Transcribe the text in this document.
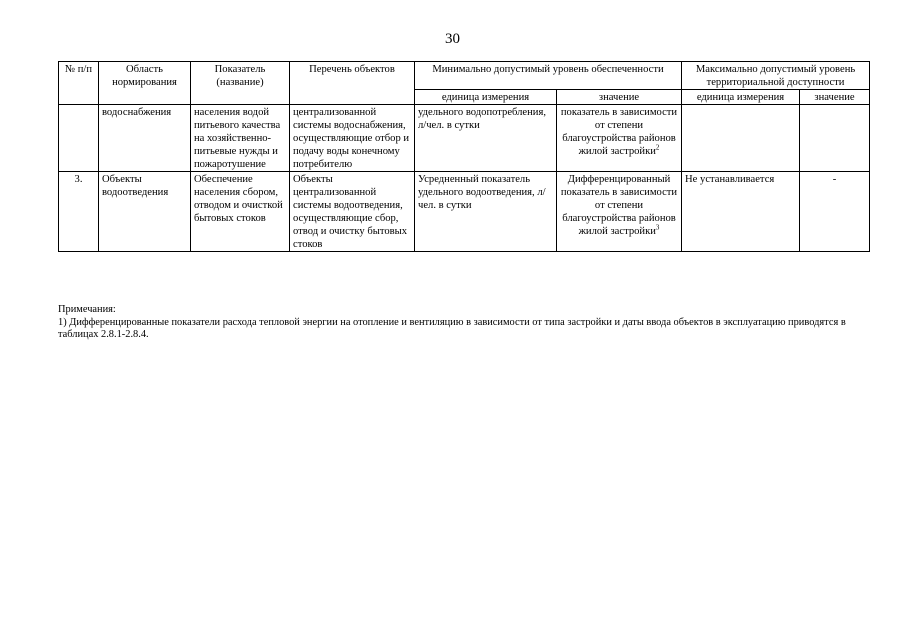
30
№ п/п	Область нормирования	Показатель (название)	Перечень объектов	Минимально допустимый уровень обеспеченности		Максимально допустимый уровень территориальной доступности	
				единица измерения	значение	единица измерения	значение
	водоснабжения	населения водой питьевого качества на хозяйственно-питьевые нужды и пожаротушение	централизованной системы водоснабжения, осуществляющие отбор и подачу воды конечному потребителю	удельного водопотребления, л/чел. в сутки	показатель в зависимости от степени благоустройства районов жилой застройки$^2$		
3.	Объекты водоотведения	Обеспечение населения сбором, отводом и очисткой бытовых стоков	Объекты централизованной системы водоотведения, осуществляющие сбор, отвод и очистку бытовых стоков	Усредненный показатель удельного водоотведения, л/чел. в сутки	Дифференцированный показатель в зависимости от степени благоустройства районов жилой застройки$^3$	Не устанавливается	-

Примечания:

1) Дифференцированные показатели расхода тепловой энергии на отопление и вентиляцию в зависимости от типа застройки и даты ввода объектов в эксплуатацию приводятся в таблицах 2.8.1-2.8.4.
